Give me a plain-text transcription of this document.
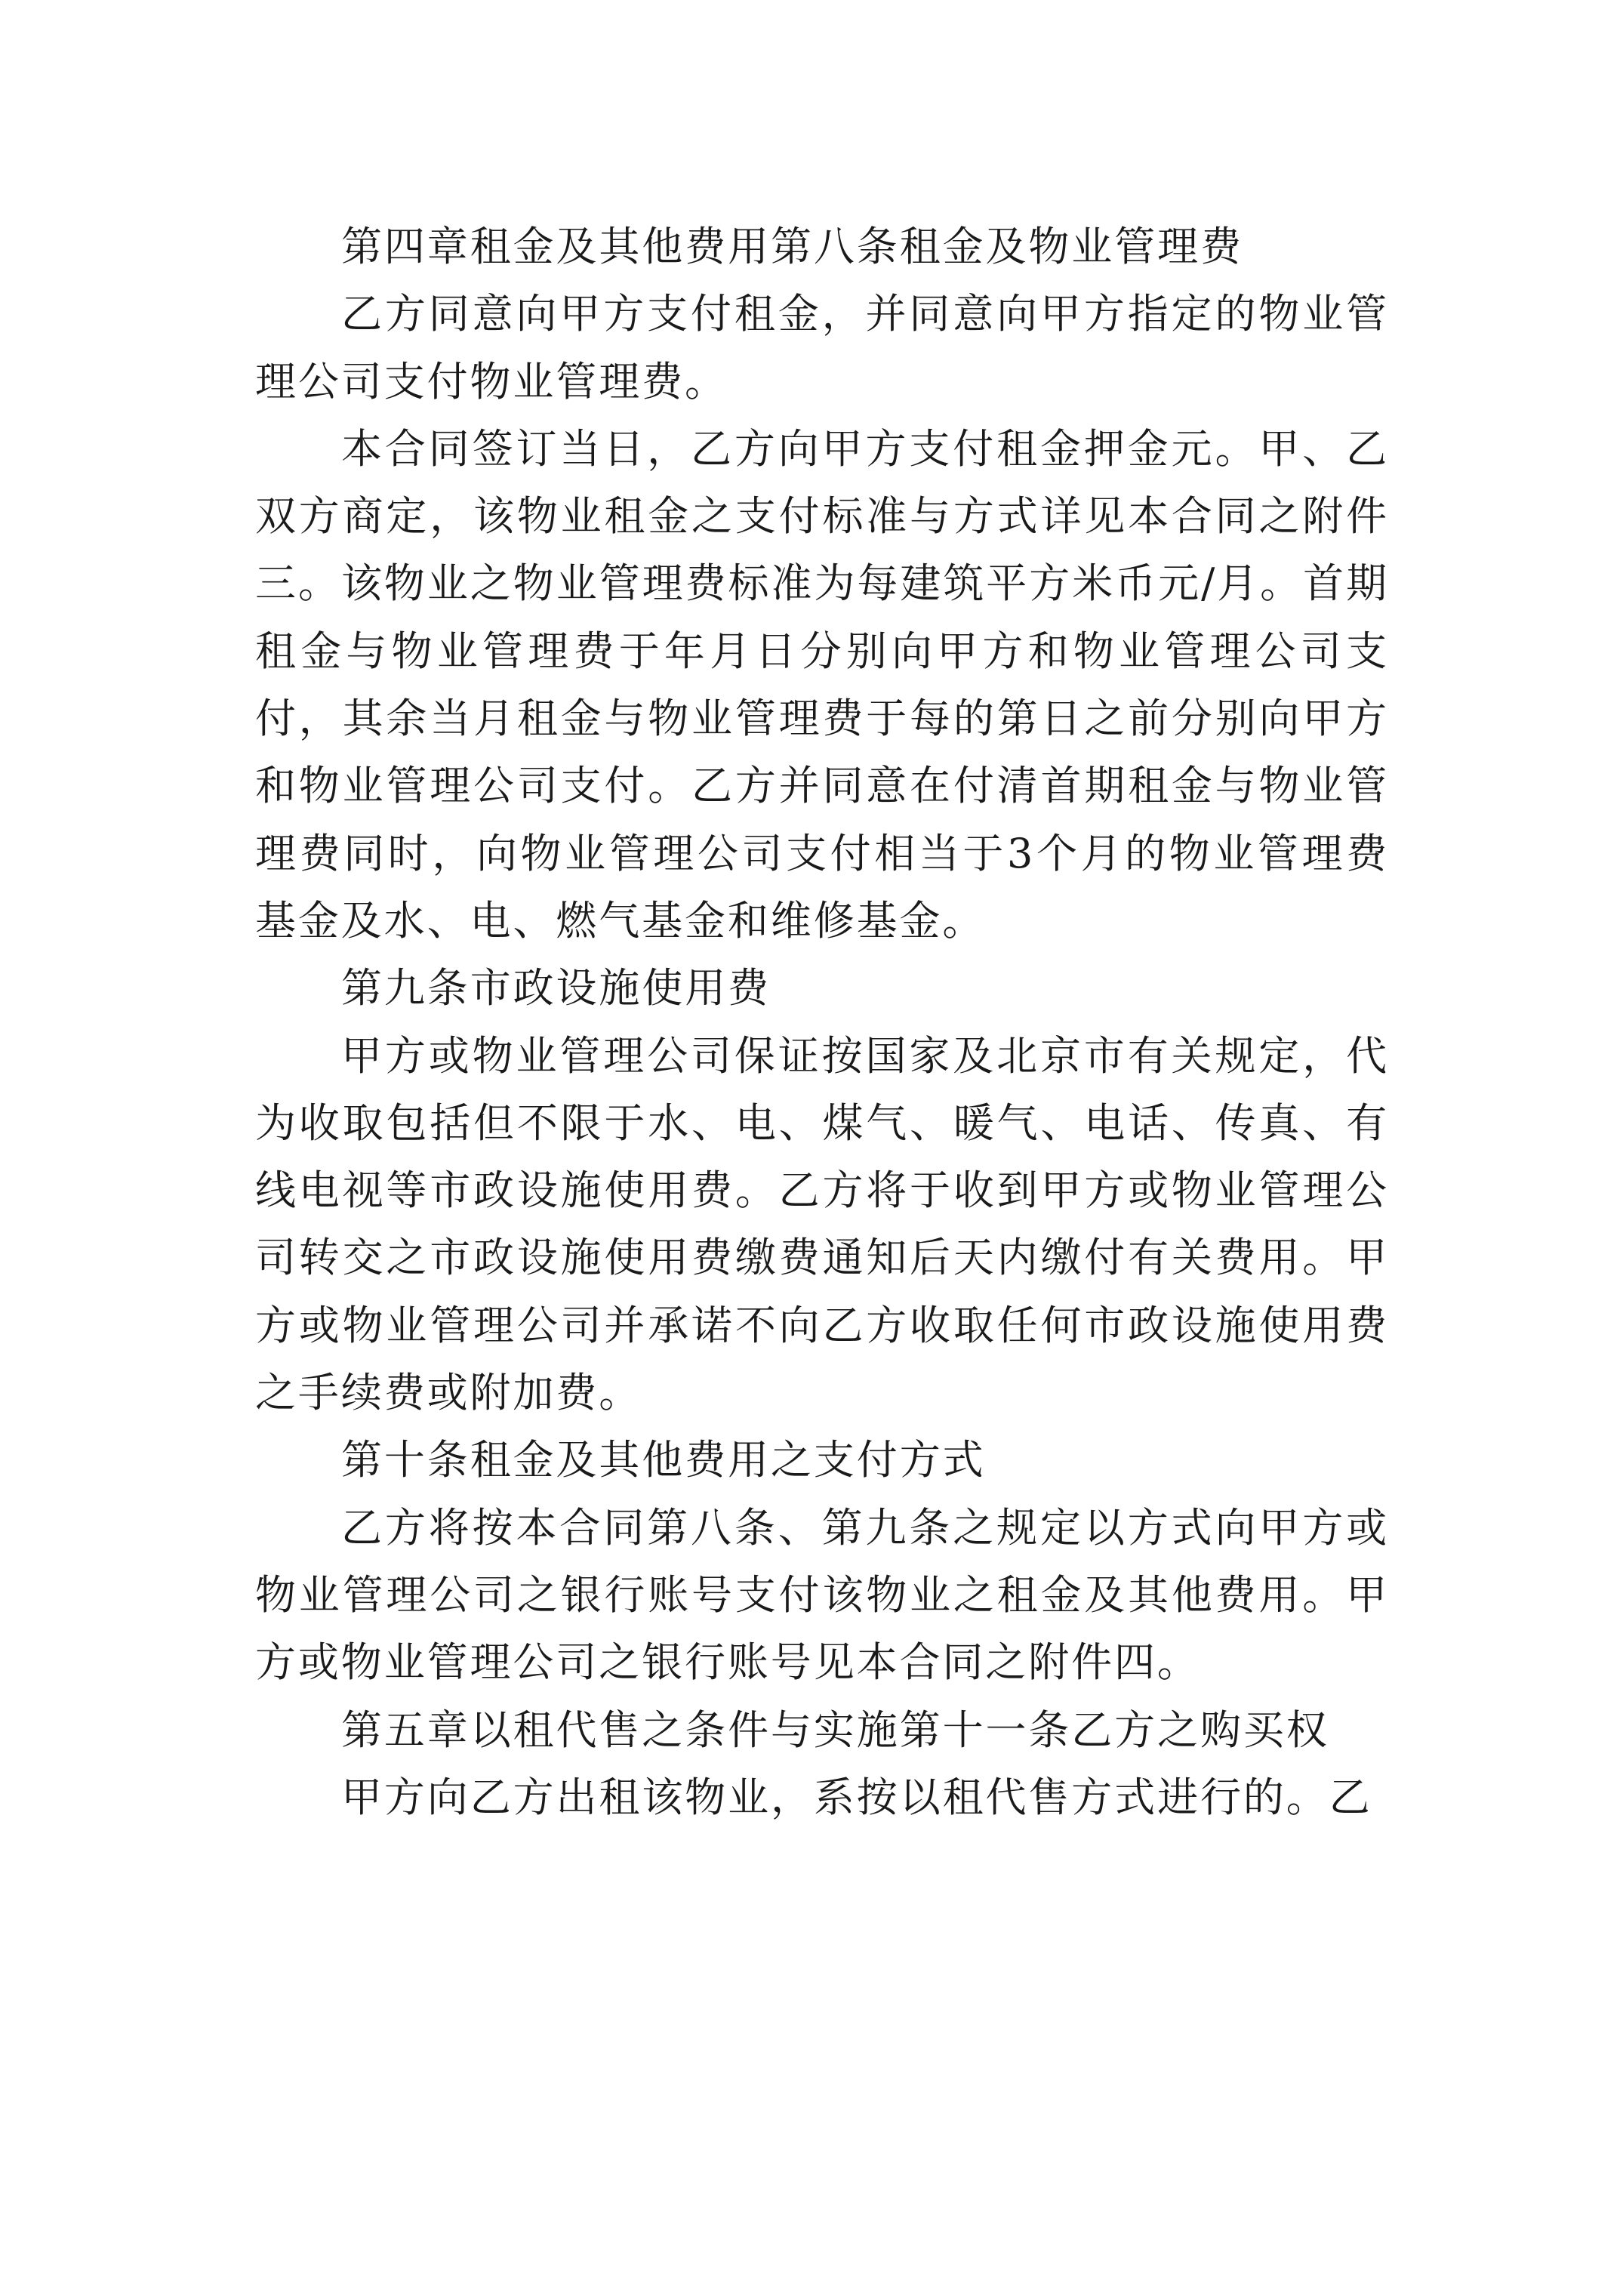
第四章租金及其他费用第八条租金及物业管理费

乙方同意向甲方支付租金，并同意向甲方指定的物业管理公司支付物业管理费。

本合同签订当日，乙方向甲方支付租金押金元。甲、乙双方商定，该物业租金之支付标准与方式详见本合同之附件三。该物业之物业管理费标准为每建筑平方米币元/月。首期租金与物业管理费于年月日分别向甲方和物业管理公司支付，其余当月租金与物业管理费于每的第日之前分别向甲方和物业管理公司支付。乙方并同意在付清首期租金与物业管理费同时，向物业管理公司支付相当于3个月的物业管理费基金及水、电、燃气基金和维修基金。

第九条市政设施使用费

甲方或物业管理公司保证按国家及北京市有关规定，代为收取包括但不限于水、电、煤气、暖气、电话、传真、有线电视等市政设施使用费。乙方将于收到甲方或物业管理公司转交之市政设施使用费缴费通知后天内缴付有关费用。甲方或物业管理公司并承诺不向乙方收取任何市政设施使用费之手续费或附加费。

第十条租金及其他费用之支付方式

乙方将按本合同第八条、第九条之规定以方式向甲方或物业管理公司之银行账号支付该物业之租金及其他费用。甲方或物业管理公司之银行账号见本合同之附件四。

第五章以租代售之条件与实施第十一条乙方之购买权

甲方向乙方出租该物业，系按以租代售方式进行的。乙
